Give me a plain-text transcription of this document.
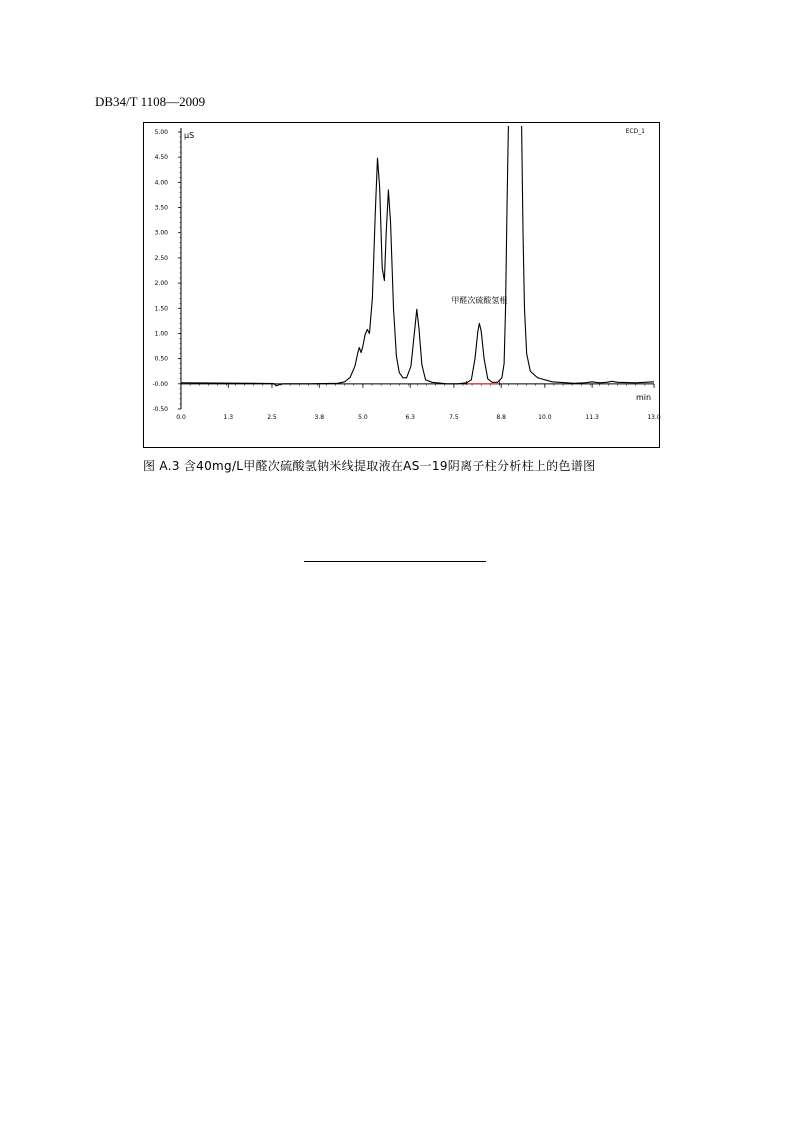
DB34/T 1108—2009
5.00
4.50
4.00
3.50
3.00
2.50
2.00
1.50
1.00
0.50
-0.00
-0.50
0.0	1.3	2.5	3.8	5.0	6.3	7.5	8.8	10.0	11.3	13.0
µS
min
ECD_1
甲醛次硫酸氢根
图 A.3 含40mg/L甲醛次硫酸氢钠米线提取液在AS一19阴离子柱分析柱上的色谱图
